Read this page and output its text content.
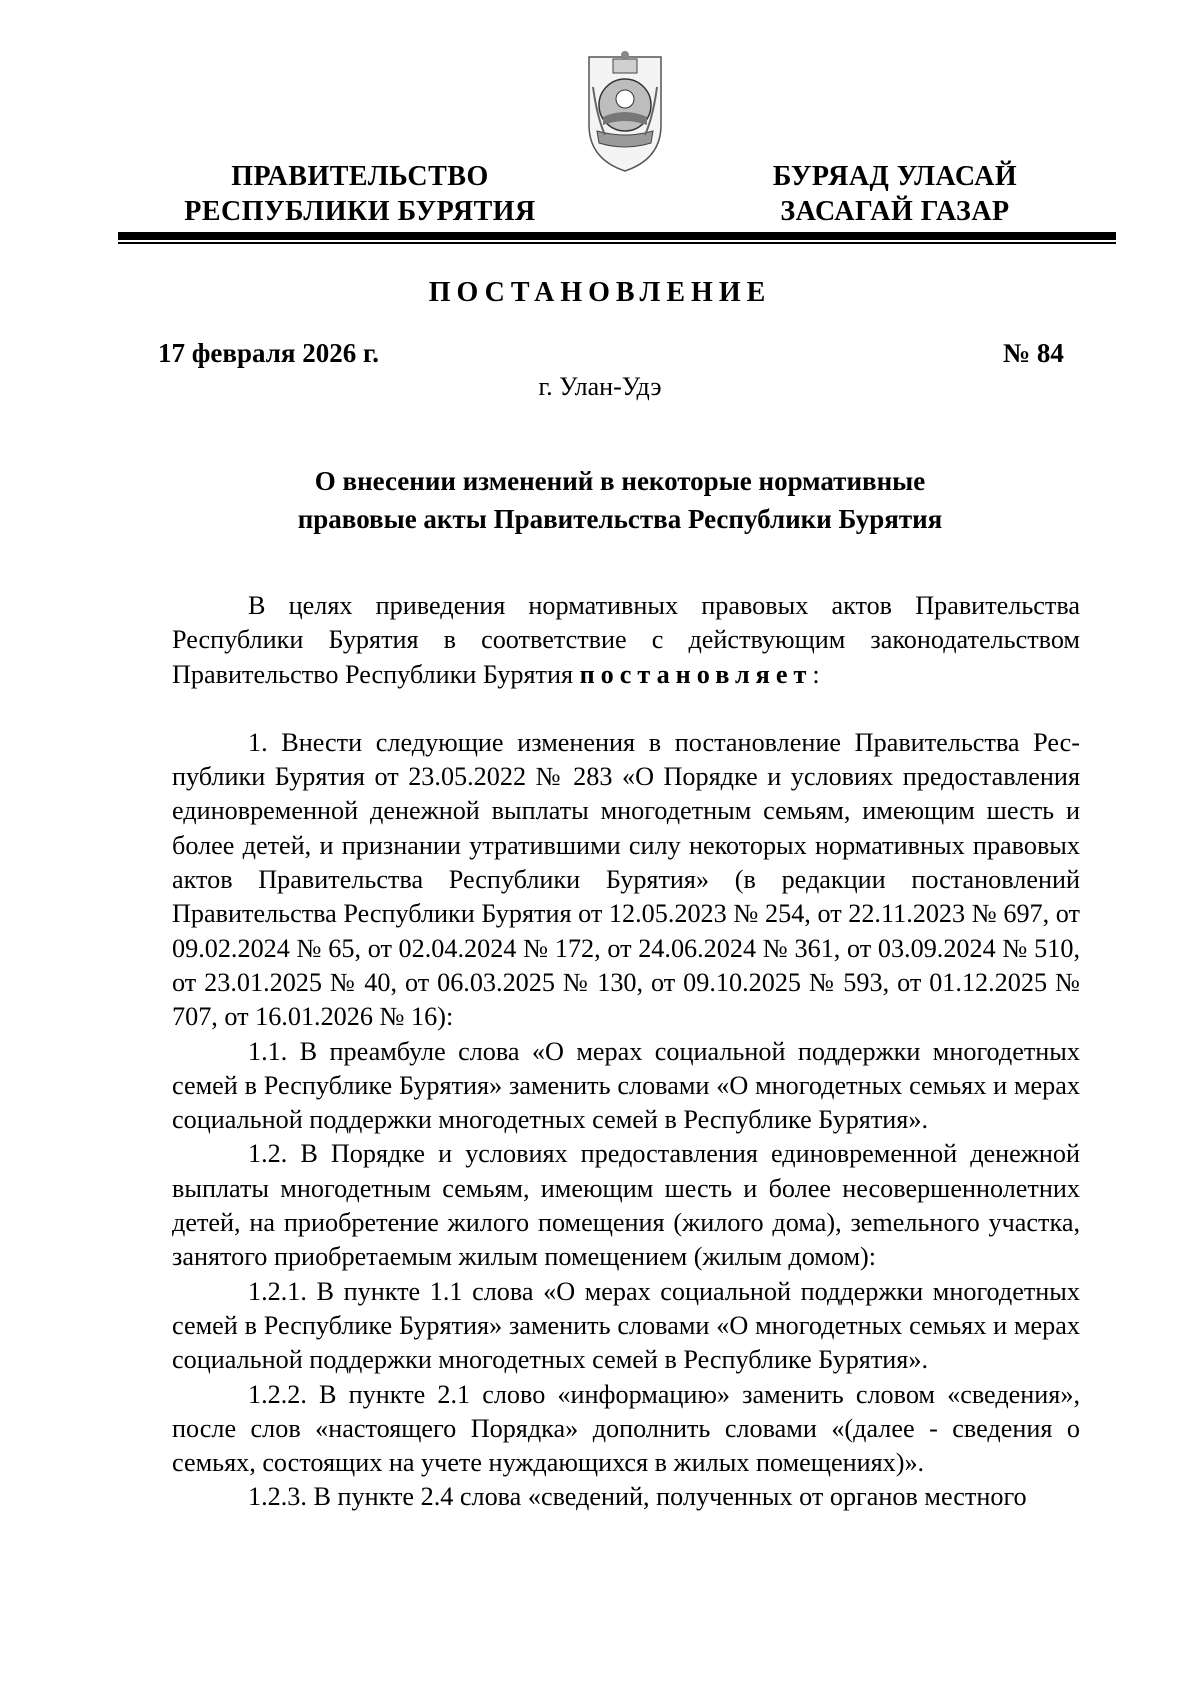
ПРАВИТЕЛЬСТВО
РЕСПУБЛИКИ БУРЯТИЯ
БУРЯАД УЛАСАЙ
ЗАСАГАЙ ГАЗАР
ПОСТАНОВЛЕНИЕ
17 февраля 2026 г.	№ 84
г. Улан-Удэ
О внесении изменений в некоторые нормативные
правовые акты Правительства Республики Бурятия

В целях приведения нормативных правовых актов Правительства Республики Бурятия в соответствие с действующим законодательством Правительство Республики Бурятия постановляет:

1. Внести следующие изменения в постановление Правительства Республики Бурятия от 23.05.2022 № 283 «О Порядке и условиях предоставления единовременной денежной выплаты многодетным семьям, имеющим шесть и более детей, и признании утратившими силу некоторых нормативных правовых актов Правительства Республики Бурятия» (в редакции постановлений Правительства Республики Бурятия от 12.05.2023 № 254, от 22.11.2023 № 697, от 09.02.2024 № 65, от 02.04.2024 № 172, от 24.06.2024 № 361, от 03.09.2024 № 510, от 23.01.2025 № 40, от 06.03.2025 № 130, от 09.10.2025 № 593, от 01.12.2025 № 707, от 16.01.2026 № 16):

1.1. В преамбуле слова «О мерах социальной поддержки многодетных семей в Республике Бурятия» заменить словами «О многодетных семьях и мерах социальной поддержки многодетных семей в Республике Бурятия».

1.2. В Порядке и условиях предоставления единовременной денежной выплаты многодетным семьям, имеющим шесть и более несовершеннолетних детей, на приобретение жилого помещения (жилого дома), зеmельного участка, занятого приобретаемым жилым помещением (жилым домом):

1.2.1. В пункте 1.1 слова «О мерах социальной поддержки многодетных семей в Республике Бурятия» заменить словами «О многодетных семьях и мерах социальной поддержки многодетных семей в Республике Бурятия».

1.2.2. В пункте 2.1 слово «информацию» заменить словом «сведения», после слов «настоящего Порядка» дополнить словами «(далее - сведения о семьях, состоящих на учете нуждающихся в жилых помещениях)».

1.2.3. В пункте 2.4 слова «сведений, полученных от органов местного
